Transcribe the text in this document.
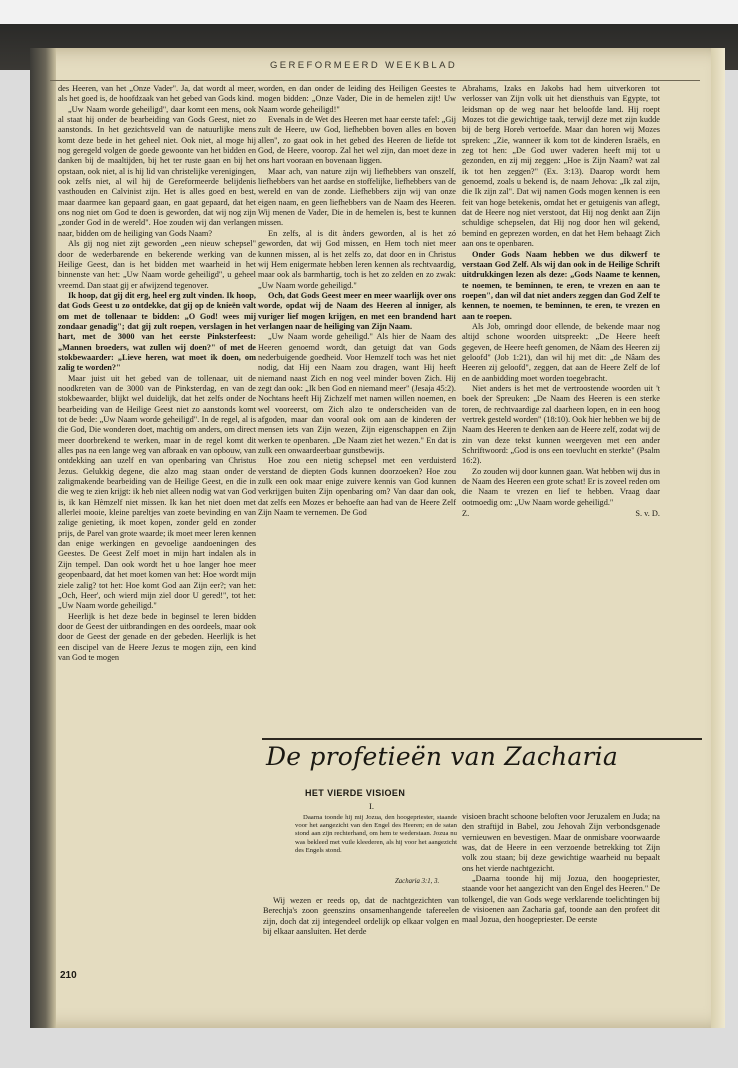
GEREFORMEERD WEEKBLAD

des Heeren, van het „Onze Vader". Ja, dat wordt al meer, als het goed is, de hoofdzaak van het gebed van Gods kind.

„Uw Naam worde geheiligd", daar komt een mens, ook al staat hij onder de bearbeiding van Gods Geest, niet zo aanstonds. In het gezichtsveld van de natuurlijke mens komt deze bede in het geheel niet. Ook niet, al moge hij nog geregeld volgen de goede gewoonte van het bidden en danken bij de maaltijden, bij het ter ruste gaan en bij het opstaan, ook niet, al is hij lid van christelijke verenigingen, ook zelfs niet, al wil hij de Gereformeerde belijdenis vasthouden en Calvinist zijn. Het is alles goed en best, maar daarmee kan gepaard gaan, en gaat gepaard, dat het ons nog niet om God te doen is geworden, dat wij nog zijn „zonder God in de wereld". Hoe zouden wij dan verlangen naar, bidden om de heiliging van Gods Naam?

Als gij nog niet zijt geworden „een nieuw schepsel" door de wederbarende en bekerende werking van de Heilige Geest, dan is het bidden met waarheid in het binnenste van het: „Uw Naam worde geheiligd", u geheel vreemd. Dan staat gij er afwijzend tegenover.

Ik hoop, dat gij dit erg, heel erg zult vinden. Ik hoop, dat Gods Geest u zo ontdekke, dat gij op de knieën valt om met de tollenaar te bidden: „O God! wees mij zondaar genadig"; dat gij zult roepen, verslagen in het hart, met de 3000 van het eerste Pinksterfeest: „Mannen broeders, wat zullen wij doen?" of met de stokbewaarder: „Lieve heren, wat moet ik doen, om zalig te worden?"

Maar juist uit het gebed van de tollenaar, uit de noodkreten van de 3000 van de Pinksterdag, en van de stokbewaarder, blijkt wel duidelijk, dat het zelfs onder de bearbeiding van de Heilige Geest niet zo aanstonds komt tot de bede: „Uw Naam worde geheiligd". In de regel, al is die God, Die wonderen doet, machtig om anders, om direct meer doorbrekend te werken, maar in de regel komt dit alles pas na een lange weg van afbraak en van opbouw, van ontdekking aan uzelf en van openbaring van Christus Jezus. Gelukkig degene, die alzo mag staan onder de zaligmakende bearbeiding van de Heilige Geest, en die in die weg te zien krijgt: ik heb niet alleen nodig wat van God is, ik kan Hèmzelf niet missen. Ik kan het niet doen met allerlei mooie, kleine pareltjes van zoete bevinding en van zalige genieting, ik moet kopen, zonder geld en zonder prijs, de Parel van grote waarde; ik moet meer leren kennen dan enige werkingen en gevoelige aandoeningen des Geestes. De Geest Zelf moet in mijn hart indalen als in Zijn tempel. Dan ook wordt het u hoe langer hoe meer geopenbaard, dat het moet komen van het: Hoe wordt mijn ziele zalig? tot het: Hoe komt God aan Zijn eer?; van het: „Och, Heer', och wierd mijn ziel door U gered!", tot het: „Uw Naam worde geheiligd."

Heerlijk is het deze bede in beginsel te leren bidden door de Geest der uitbrandingen en des oordeels, maar ook door de Geest der genade en der gebeden. Heerlijk is het een discipel van de Heere Jezus te mogen zijn, een kind van God te mogen

worden, en dan onder de leiding des Heiligen Geestes te mogen bidden: „Onze Vader, Die in de hemelen zijt! Uw Naam worde geheiligd!"

Evenals in de Wet des Heeren met haar eerste tafel: „Gij zult de Heere, uw God, liefhebben boven alles en boven allen", zo gaat ook in het gebed des Heeren de liefde tot God, de Heere, voorop. Zal het wel zijn, dan moet deze in ons hart vooraan en bovenaan liggen.

Maar ach, van nature zijn wij liefhebbers van onszelf, liefhebbers van het aardse en stoffelijke, liefhebbers van de wereld en van de zonde. Liefhebbers zijn wij van onze eigen naam, en geen liefhebbers van de Naam des Heeren. Wij menen de Vader, Die in de hemelen is, best te kunnen missen.

En zelfs, al is dit ànders geworden, al is het zó geworden, dat wij God missen, en Hem toch niet meer kunnen missen, al is het zelfs zo, dat door en in Christus wij Hem enigermate hebben leren kennen als rechtvaardig, maar ook als barmhartig, toch is het zo zelden en zo zwak: „Uw Naam worde geheiligd."

Och, dat Gods Geest meer en meer waarlijk over ons worde, opdat wij de Naam des Heeren al inniger, als vuriger lief mogen krijgen, en met een brandend hart verlangen naar de heiliging van Zijn Naam.

„Uw Naam worde geheiligd." Als hier de Naam des Heeren genoemd wordt, dan getuigt dat van Gods nederbuigende goedheid. Voor Hemzelf toch was het niet nodig, dat Hij een Naam zou dragen, want Hij heeft niemand naast Zich en nog veel minder boven Zich. Hij zegt dan ook: „Ik ben God en niemand meer" (Jesaja 45:2). Nochtans heeft Hij Zichzelf met namen willen noemen, en wel vooreerst, om Zich alzo te onderscheiden van de afgoden, maar dan vooral ook om aan de kinderen der mensen iets van Zijn wezen, Zijn eigenschappen en Zijn werken te openbaren. „De Naam ziet het wezen." En dat is zulk een onwaardeerbaar gunstbewijs.

Hoe zou een nietig schepsel met een verduisterd verstand de diepten Gods kunnen doorzoeken? Hoe zou zulk een ook maar enige zuivere kennis van God kunnen verkrijgen buiten Zijn openbaring om? Van daar dan ook, dat zelfs een Mozes er behoefte aan had van de Heere Zelf Zijn Naam te vernemen. De God

Abrahams, Izaks en Jakobs had hem uitverkoren tot verlosser van Zijn volk uit het diensthuis van Egypte, tot leidsman op de weg naar het beloofde land. Hij roept Mozes tot die gewichtige taak, terwijl deze met zijn kudde bij de berg Horeb vertoefde. Maar dan horen wij Mozes spreken: „Zie, wanneer ik kom tot de kinderen Israëls, en zeg tot hen: „De God uwer vaderen heeft mij tot u gezonden, en zij mij zeggen: „Hoe is Zijn Naam? wat zal ik tot hen zeggen?" (Ex. 3:13). Daarop wordt hem genoemd, zoals u bekend is, de naam Jehova: „Ik zal zijn, die Ik zijn zal". Dat wij namen Gods mogen kennen is een feit van hoge betekenis, omdat het er getuigenis van aflegt, dat de Heere nog niet verstoot, dat Hij nog denkt aan Zijn schuldige schepselen, dat Hij nog door hen wil gekend, bemind en geprezen worden, en dat het Hem behaagt Zich aan ons te openbaren.

Onder Gods Naam hebben we dus dikwerf te verstaan God Zelf. Als wij dan ook in de Heilige Schrift uitdrukkingen lezen als deze: „Gods Naame te kennen, te noemen, te beminnen, te eren, te vrezen en aan te roepen", dan wil dat niet anders zeggen dan God Zelf te kennen, te noemen, te beminnen, te eren, te vrezen en aan te roepen.

Als Job, omringd door ellende, de bekende maar nog altijd schone woorden uitspreekt: „De Heere heeft gegeven, de Heere heeft genomen, de Nâam des Heeren zij geloofd" (Job 1:21), dan wil hij met dit: „de Nâam des Heeren zij geloofd", zeggen, dat aan de Heere Zelf de lof en de aanbidding moet worden toegebracht.

Niet anders is het met de vertroostende woorden uit 't boek der Spreuken: „De Naam des Heeren is een sterke toren, de rechtvaardige zal daarheen lopen, en in een hoog vertrek gesteld worden" (18:10). Ook hier hebben we bij de Naam des Heeren te denken aan de Heere zelf, zodat wij de zin van deze tekst kunnen weergeven met een ander Schriftwoord: „God is ons een toevlucht en sterkte" (Psalm 16:2).

Zo zouden wij door kunnen gaan. Wat hebben wij dus in de Naam des Heeren een grote schat! Er is zoveel reden om die Naam te vrezen en lief te hebben. Vraag daar ootmoedig om: „Uw Naam worde geheiligd."

Z.	S. v. D.
De profetieën van Zacharia
HET VIERDE VISIOEN
I.
Daarna toonde hij mij Jozua, den hoogepriester, staande voor het aangezicht van den Engel des Heeren; en de satan stond aan zijn rechterhand, om hem te wederstaan. Jozua nu was bekleed met vuile kleederen, als hij voor het aangezicht des Engels stond.
Zacharia 3:1, 3.
Wij wezen er reeds op, dat de nachtgezichten van Berechja's zoon geenszins onsamenhangende tafereelen zijn, doch dat zij integendeel ordelijk op elkaar volgen en bij elkaar aansluiten. Het derde

visioen bracht schoone beloften voor Jeruzalem en Juda; na den straftijd in Babel, zou Jehovah Zijn verbondsgenade vernieuwen en bevestigen. Maar de onmisbare voorwaarde was, dat de Heere in een verzoende betrekking tot Zijn volk zou staan; bij deze gewichtige waarheid nu bepaalt ons het vierde nachtgezicht.

„Daarna toonde hij mij Jozua, den hoogepriester, staande voor het aangezicht van den Engel des Heeren." De tolkengel, die van Gods wege verklarende toelichtingen bij de visioenen aan Zacharia gaf, toonde aan den profeet dit maal Jozua, den hoogepriester. De eerste

210
